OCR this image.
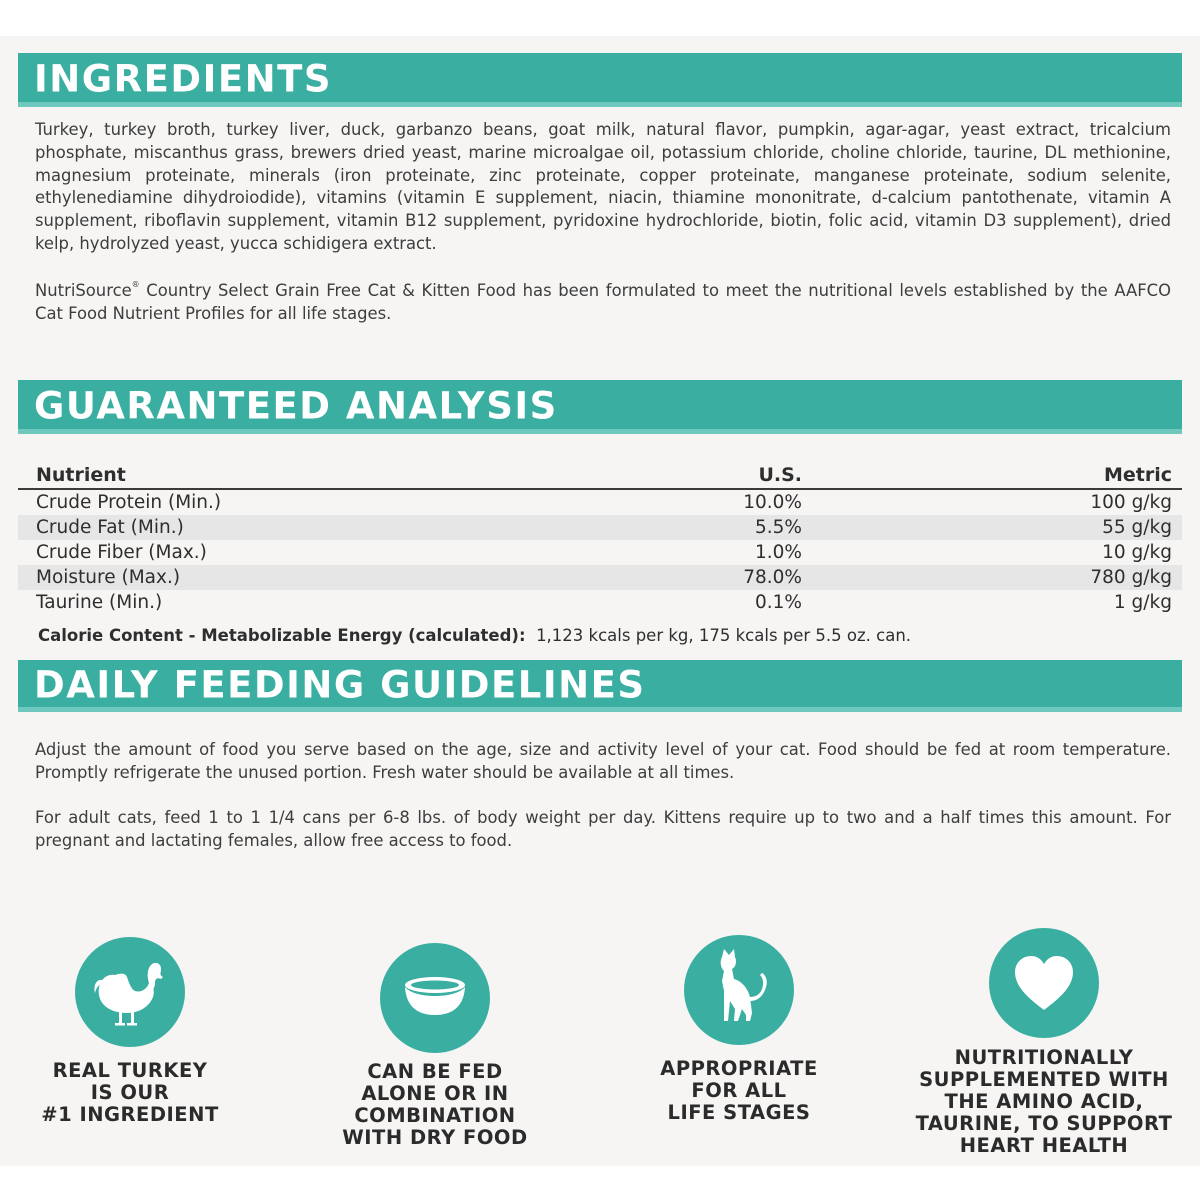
INGREDIENTS

Turkey, turkey broth, turkey liver, duck, garbanzo beans, goat milk, natural flavor, pumpkin, agar-agar, yeast extract, tricalcium phosphate, miscanthus grass, brewers dried yeast, marine microalgae oil, potassium chloride, choline chloride, taurine, DL methionine, magnesium proteinate, minerals (iron proteinate, zinc proteinate, copper proteinate, manganese proteinate, sodium selenite, ethylenediamine dihydroiodide), vitamins (vitamin E supplement, niacin, thiamine mononitrate, d-calcium pantothenate, vitamin A supplement, riboflavin supplement, vitamin B12 supplement, pyridoxine hydrochloride, biotin, folic acid, vitamin D3 supplement), dried kelp, hydrolyzed yeast, yucca schidigera extract.

NutriSource® Country Select Grain Free Cat & Kitten Food has been formulated to meet the nutritional levels established by the AAFCO Cat Food Nutrient Profiles for all life stages.

GUARANTEED ANALYSIS
Nutrient	U.S.	Metric
Crude Protein (Min.)	10.0%	100 g/kg
Crude Fat (Min.)	5.5%	55 g/kg
Crude Fiber (Max.)	1.0%	10 g/kg
Moisture (Max.)	78.0%	780 g/kg
Taurine (Min.)	0.1%	1 g/kg
Calorie Content - Metabolizable Energy (calculated): 1,123 kcals per kg, 175 kcals per 5.5 oz. can.
DAILY FEEDING GUIDELINES

Adjust the amount of food you serve based on the age, size and activity level of your cat. Food should be fed at room temperature. Promptly refrigerate the unused portion. Fresh water should be available at all times.

For adult cats, feed 1 to 1 1/4 cans per 6-8 lbs. of body weight per day. Kittens require up to two and a half times this amount. For pregnant and lactating females, allow free access to food.

REAL TURKEY
IS OUR
#1 INGREDIENT
CAN BE FED
ALONE OR IN
COMBINATION
WITH DRY FOOD
APPROPRIATE
FOR ALL
LIFE STAGES
NUTRITIONALLY
SUPPLEMENTED WITH
THE AMINO ACID,
TAURINE, TO SUPPORT
HEART HEALTH
